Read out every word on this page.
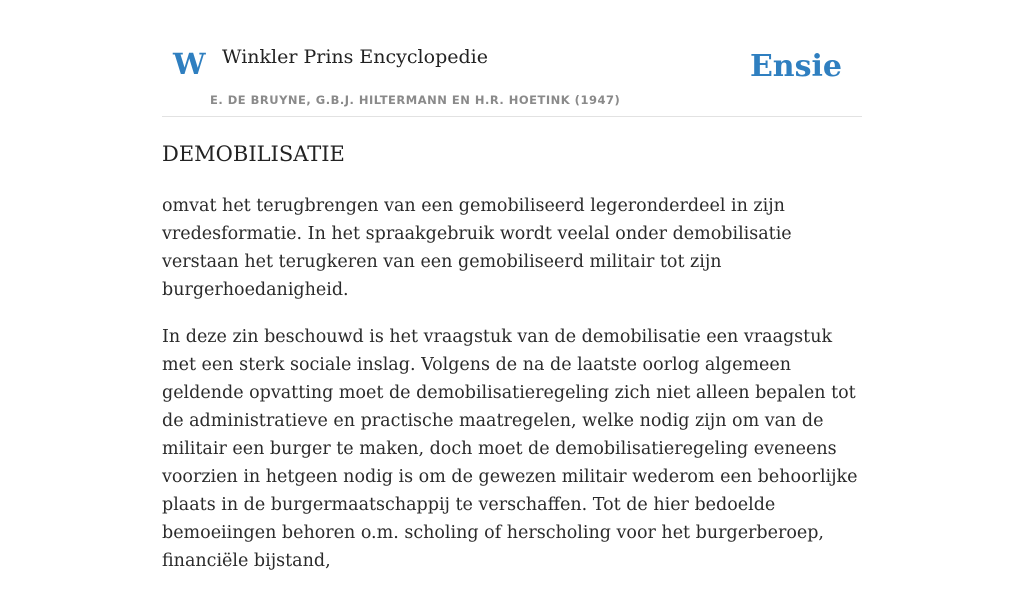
W Winkler Prins Encyclopedie
E. DE BRUYNE, G.B.J. HILTERMANN EN H.R. HOETINK (1947)
Ensie
DEMOBILISATIE

omvat het terugbrengen van een gemobiliseerd legeronderdeel in zijn vredesformatie. In het spraakgebruik wordt veelal onder demobilisatie verstaan het terugkeren van een gemobiliseerd militair tot zijn burgerhoedanigheid.

In deze zin beschouwd is het vraagstuk van de demobilisatie een vraagstuk met een sterk sociale inslag. Volgens de na de laatste oorlog algemeen geldende opvatting moet de demobilisatieregeling zich niet alleen bepalen tot de administratieve en practische maatregelen, welke nodig zijn om van de militair een burger te maken, doch moet de demobilisatieregeling eveneens voorzien in hetgeen nodig is om de gewezen militair wederom een behoorlijke plaats in de burgermaatschappij te verschaffen. Tot de hier bedoelde bemoeiingen behoren o.m. scholing of herscholing voor het burgerberoep, financiële bijstand,
